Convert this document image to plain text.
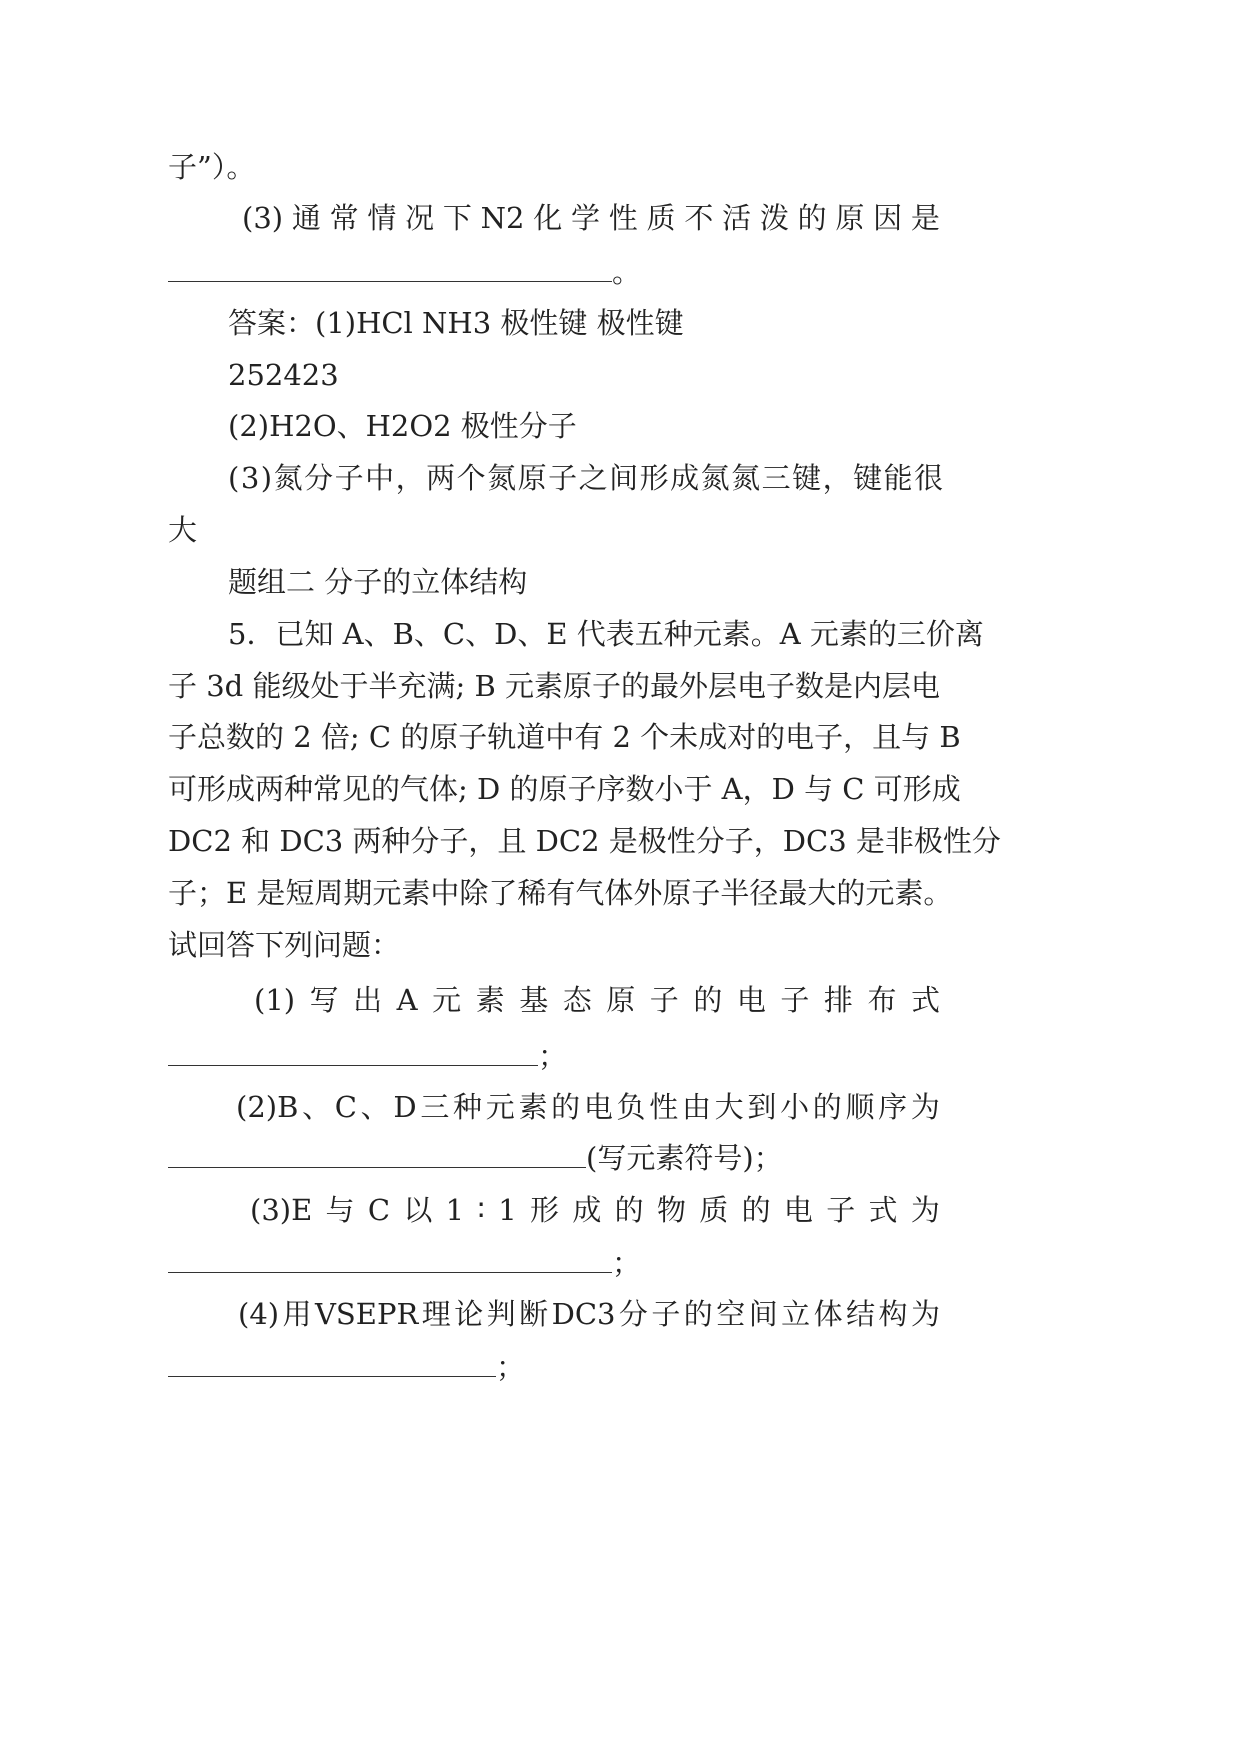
子”）。
(3) 通 常 情 况 下 N2 化 学 性 质 不 活 泼 的 原 因 是
。
答案：(1)HCl NH3 极性键 极性键
252423
(2)H2O、H2O2 极性分子
(3)氮分子中，两个氮原子之间形成氮氮三键，键能很
大
题组二 分子的立体结构
5．已知 A、B、C、D、E 代表五种元素。A 元素的三价离
子 3d 能级处于半充满; B 元素原子的最外层电子数是内层电
子总数的 2 倍; C 的原子轨道中有 2 个未成对的电子，且与 B
可形成两种常见的气体; D 的原子序数小于 A，D 与 C 可形成
DC2 和 DC3 两种分子，且 DC2 是极性分子，DC3 是非极性分
子；E 是短周期元素中除了稀有气体外原子半径最大的元素。
试回答下列问题：
(1) 写 出 A 元 素 基 态 原 子 的 电 子 排 布 式
；
(2)B 、 C 、 D 三 种 元 素 的 电 负 性 由 大 到 小 的 顺 序 为
(写元素符号)；
(3)E 与 C 以 1 ∶ 1 形 成 的 物 质 的 电 子 式 为
；
(4) 用 VSEPR 理 论 判 断 DC3 分 子 的 空 间 立 体 结 构 为
；
